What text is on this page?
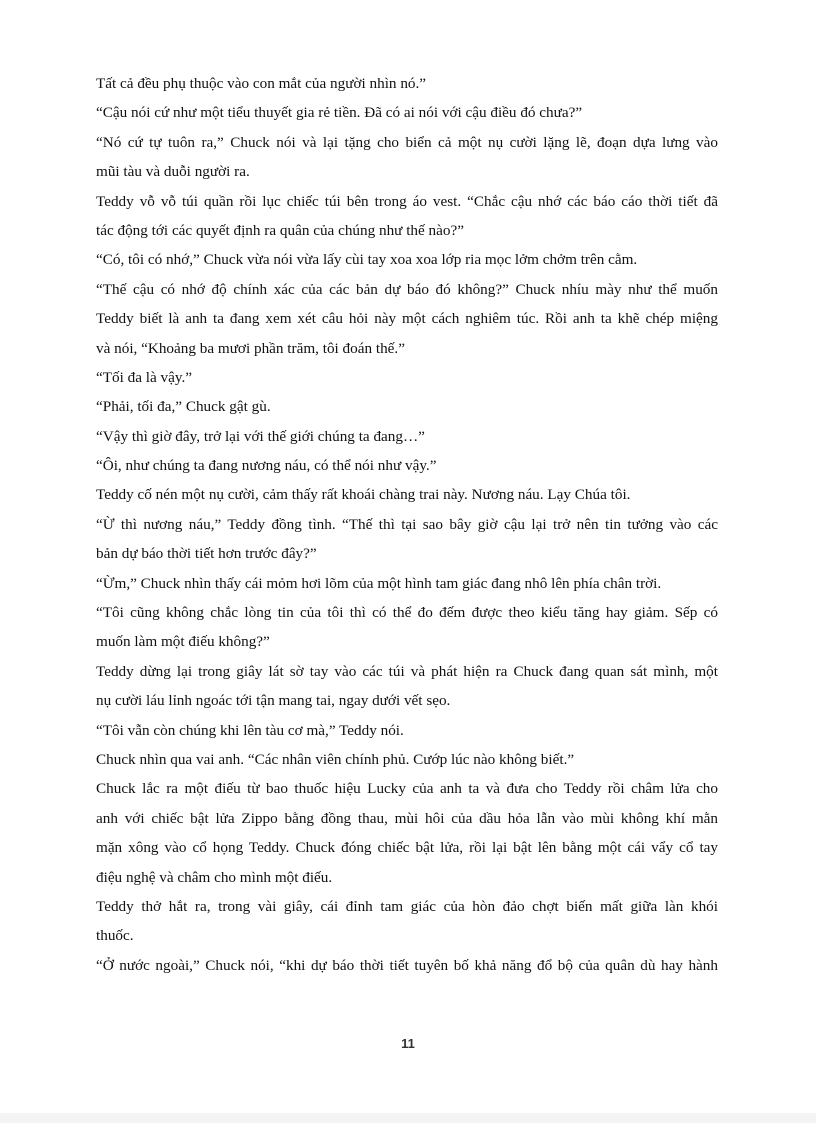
Tất cả đều phụ thuộc vào con mắt của người nhìn nó.”

“Cậu nói cứ như một tiểu thuyết gia rẻ tiền. Đã có ai nói với cậu điều đó chưa?”

“Nó cứ tự tuôn ra,” Chuck nói và lại tặng cho biển cả một nụ cười lặng lẽ, đoạn dựa lưng vào

mũi tàu và duỗi người ra.

Teddy vỗ vỗ túi quần rồi lục chiếc túi bên trong áo vest. “Chắc cậu nhớ các báo cáo thời tiết đã

tác động tới các quyết định ra quân của chúng như thế nào?”

“Có, tôi có nhớ,” Chuck vừa nói vừa lấy cùi tay xoa xoa lớp ria mọc lởm chởm trên cằm.

“Thế cậu có nhớ độ chính xác của các bản dự báo đó không?” Chuck nhíu mày như thể muốn

Teddy biết là anh ta đang xem xét câu hỏi này một cách nghiêm túc. Rồi anh ta khẽ chép miệng

và nói, “Khoảng ba mươi phần trăm, tôi đoán thế.”

“Tối đa là vậy.”

“Phải, tối đa,” Chuck gật gù.

“Vậy thì giờ đây, trở lại với thế giới chúng ta đang…”

“Ôi, như chúng ta đang nương náu, có thể nói như vậy.”

Teddy cố nén một nụ cười, cảm thấy rất khoái chàng trai này. Nương náu. Lạy Chúa tôi.

“Ừ thì nương náu,” Teddy đồng tình. “Thế thì tại sao bây giờ cậu lại trở nên tin tưởng vào các

bản dự báo thời tiết hơn trước đây?”

“Ừm,” Chuck nhìn thấy cái mỏm hơi lõm của một hình tam giác đang nhô lên phía chân trời.

“Tôi cũng không chắc lòng tin của tôi thì có thể đo đếm được theo kiểu tăng hay giảm. Sếp có

muốn làm một điếu không?”

Teddy dừng lại trong giây lát sờ tay vào các túi và phát hiện ra Chuck đang quan sát mình, một

nụ cười láu lỉnh ngoác tới tận mang tai, ngay dưới vết sẹo.

“Tôi vẫn còn chúng khi lên tàu cơ mà,” Teddy nói.

Chuck nhìn qua vai anh. “Các nhân viên chính phủ. Cướp lúc nào không biết.”

Chuck lắc ra một điếu từ bao thuốc hiệu Lucky của anh ta và đưa cho Teddy rồi châm lửa cho

anh với chiếc bật lửa Zippo bằng đồng thau, mùi hôi của dầu hỏa lẫn vào mùi không khí mằn

mặn xông vào cổ họng Teddy. Chuck đóng chiếc bật lửa, rồi lại bật lên bằng một cái vẩy cổ tay

điệu nghệ và châm cho mình một điếu.

Teddy thở hắt ra, trong vài giây, cái đỉnh tam giác của hòn đảo chợt biến mất giữa làn khói

thuốc.

“Ở nước ngoài,” Chuck nói, “khi dự báo thời tiết tuyên bố khả năng đổ bộ của quân dù hay hành

11
